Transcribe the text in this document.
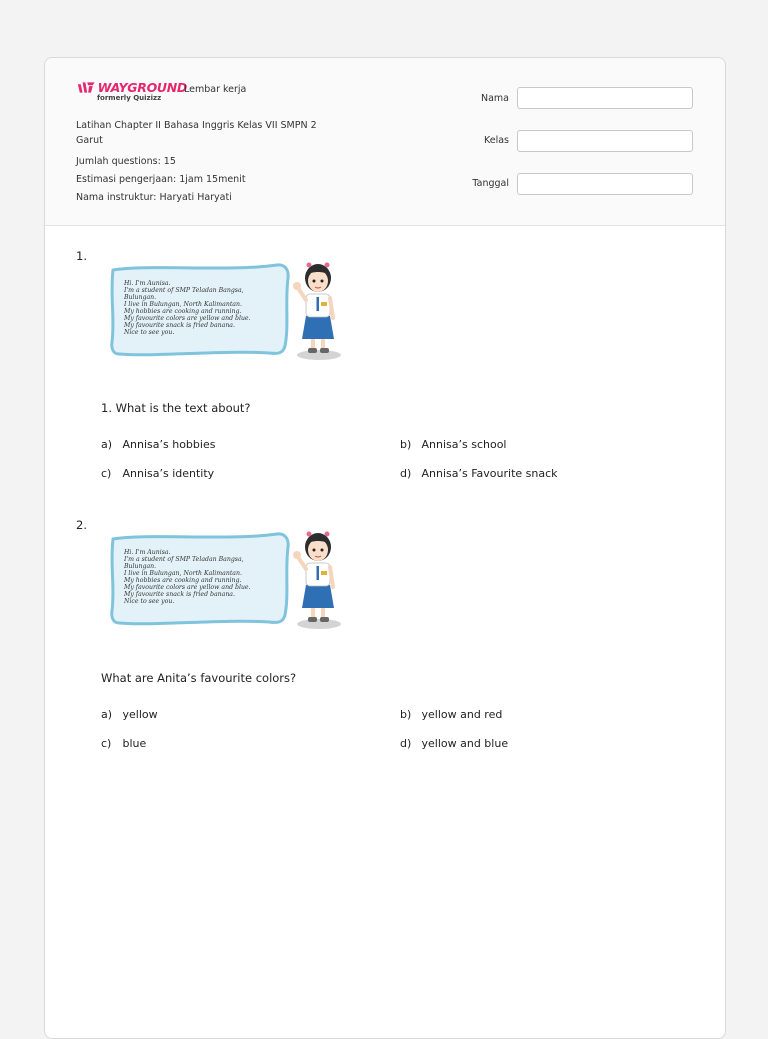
WAYGROUND
formerly Quizizz
Lembar kerja
Latihan Chapter II Bahasa Inggris Kelas VII SMPN 2 Garut
Jumlah questions: 15
Estimasi pengerjaan: 1jam 15menit
Nama instruktur: Haryati Haryati
Nama
Kelas
Tanggal
1.
Hi. I'm Aunisa.
I'm a student of SMP Teladan Bangsa,
Bulungan.
I live in Bulungan, North Kalimantan.
My hobbies are cooking and running.
My favourite colors are yellow and blue.
My favourite snack is fried banana.
Nice to see you.
1. What is the text about?
a) Annisa’s hobbies	b) Annisa’s school
c) Annisa’s identity	d) Annisa’s Favourite snack
2.
Hi. I'm Aunisa.
I'm a student of SMP Teladan Bangsa,
Bulungan.
I live in Bulungan, North Kalimantan.
My hobbies are cooking and running.
My favourite colors are yellow and blue.
My favourite snack is fried banana.
Nice to see you.
What are Anita’s favourite colors?
a) yellow	b) yellow and red
c) blue	d) yellow and blue
